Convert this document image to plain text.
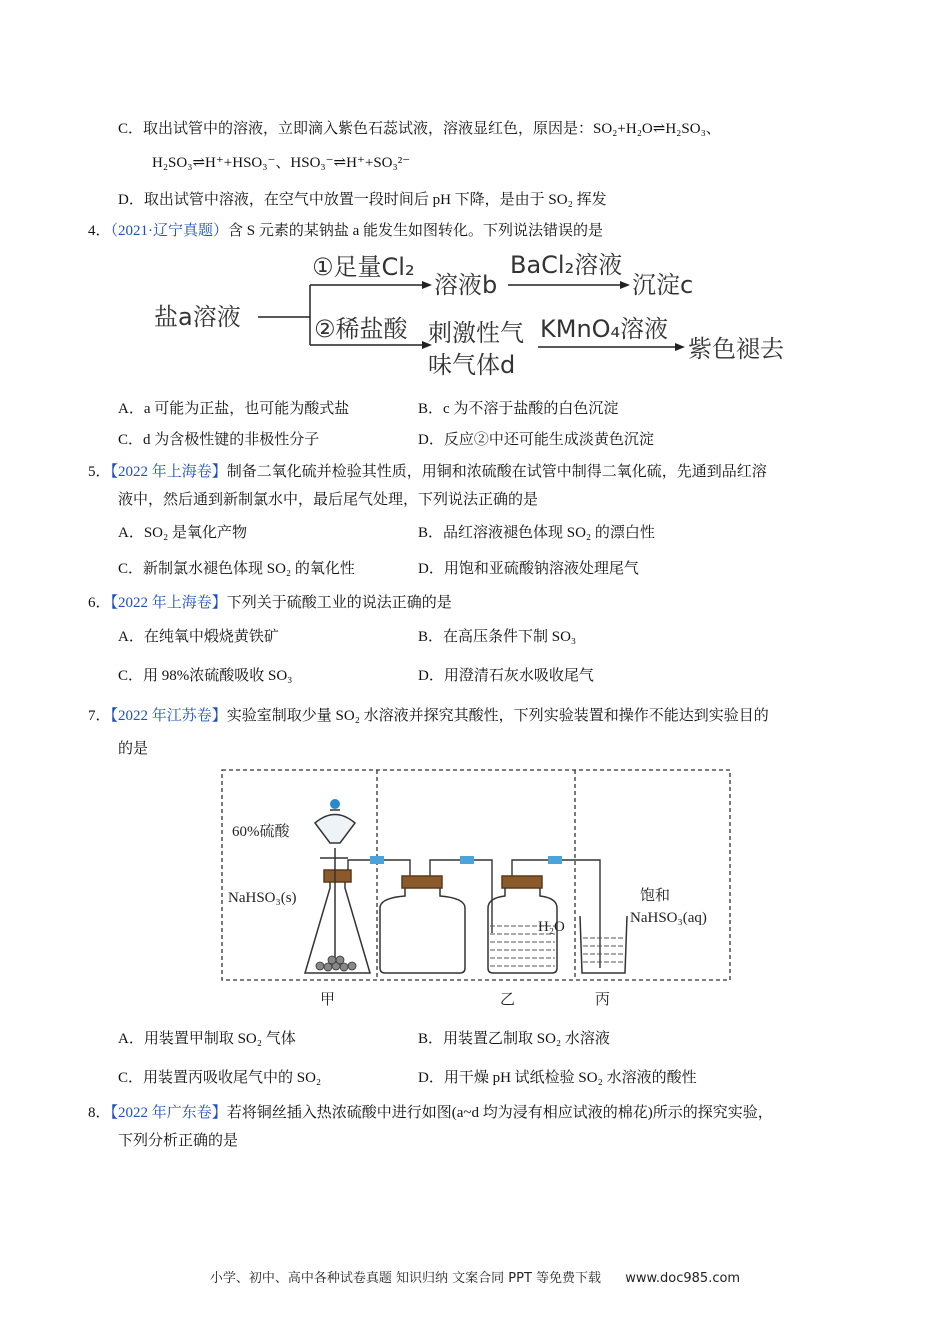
C．取出试管中的溶液，立即滴入紫色石蕊试液，溶液显红色，原因是：SO₂+H₂O⇌H₂SO₃、
H₂SO₃⇌H⁺+HSO₃⁻、HSO₃⁻⇌H⁺+SO₃²⁻
D．取出试管中溶液，在空气中放置一段时间后 pH 下降，是由于 SO₂ 挥发
4．（2021·辽宁真题）含 S 元素的某钠盐 a 能发生如图转化。下列说法错误的是
盐a溶液
①足量Cl₂
溶液b
BaCl₂溶液
沉淀c
②稀盐酸 刺激性气
味气体d
KMnO₄溶液
紫色褪去
A．a 可能为正盐，也可能为酸式盐	B．c 为不溶于盐酸的白色沉淀
C．d 为含极性键的非极性分子	D．反应②中还可能生成淡黄色沉淀
5．【2022 年上海卷】制备二氧化硫并检验其性质，用铜和浓硫酸在试管中制得二氧化硫，先通到品红溶
液中，然后通到新制氯水中，最后尾气处理，下列说法正确的是
A．SO₂ 是氧化产物	B．品红溶液褪色体现 SO₂ 的漂白性
C．新制氯水褪色体现 SO₂ 的氧化性	D．用饱和亚硫酸钠溶液处理尾气
6．【2022 年上海卷】下列关于硫酸工业的说法正确的是
A．在纯氧中煅烧黄铁矿	B．在高压条件下制 SO₃
C．用 98%浓硫酸吸收 SO₃	D．用澄清石灰水吸收尾气
7．【2022 年江苏卷】实验室制取少量 SO₂ 水溶液并探究其酸性，下列实验装置和操作不能达到实验目的
的是
60%硫酸
NaHSO₃(s)
H₂O
饱和
NaHSO₃(aq)
甲	乙	丙
A．用装置甲制取 SO₂ 气体	B．用装置乙制取 SO₂ 水溶液
C．用装置丙吸收尾气中的 SO₂	D．用干燥 pH 试纸检验 SO₂ 水溶液的酸性
8．【2022 年广东卷】若将铜丝插入热浓硫酸中进行如图(a~d 均为浸有相应试液的棉花)所示的探究实验，
下列分析正确的是
小学、初中、高中各种试卷真题 知识归纳 文案合同 PPT 等免费下载 www.doc985.com
